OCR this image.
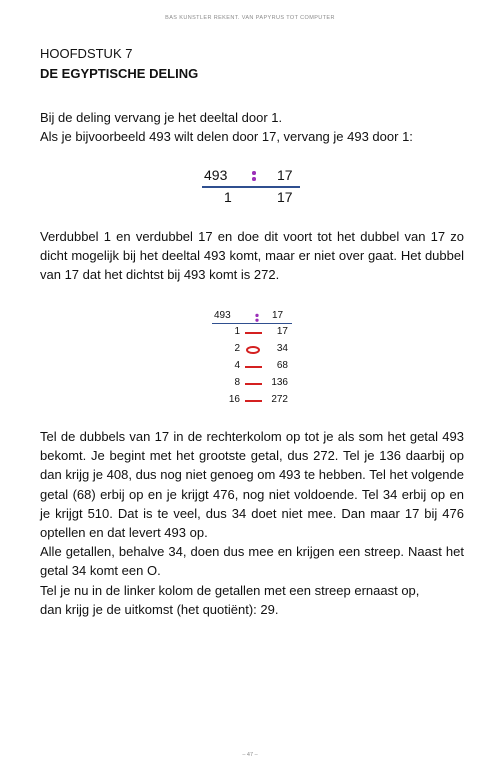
BAS KUNSTLER REKENT. VAN PAPYRUS TOT COMPUTER
HOOFDSTUK 7
DE EGYPTISCHE DELING
Bij de deling vervang je het deeltal door 1.
Als je bijvoorbeeld 493 wilt delen door 17, vervang je 493 door 1:
493	17
1	17

Verdubbel 1 en verdubbel 17 en doe dit voort tot het dubbel van 17 zo dicht mogelijk bij het deeltal 493 komt, maar er niet over gaat. Het dubbel van 17 dat het dichtst bij 493 komt is 272.

493	17
1	17
2	34
4	68
8	136
16	272
Tel de dubbels van 17 in de rechterkolom op tot je als som het getal 493 bekomt. Je begint met het grootste getal, dus 272. Tel je 136 daarbij op dan krijg je 408, dus nog niet genoeg om 493 te hebben. Tel het volgende getal (68) erbij op en je krijgt 476, nog niet voldoende. Tel 34 erbij op en je krijgt 510. Dat is te veel, dus 34 doet niet mee. Dan maar 17 bij 476 optellen en dat levert 493 op.
Alle getallen, behalve 34, doen dus mee en krijgen een streep. Naast het getal 34 komt een O.
Tel je nu in de linker kolom de getallen met een streep ernaast op,
dan krijg je de uitkomst (het quotiënt): 29.
– 47 –
